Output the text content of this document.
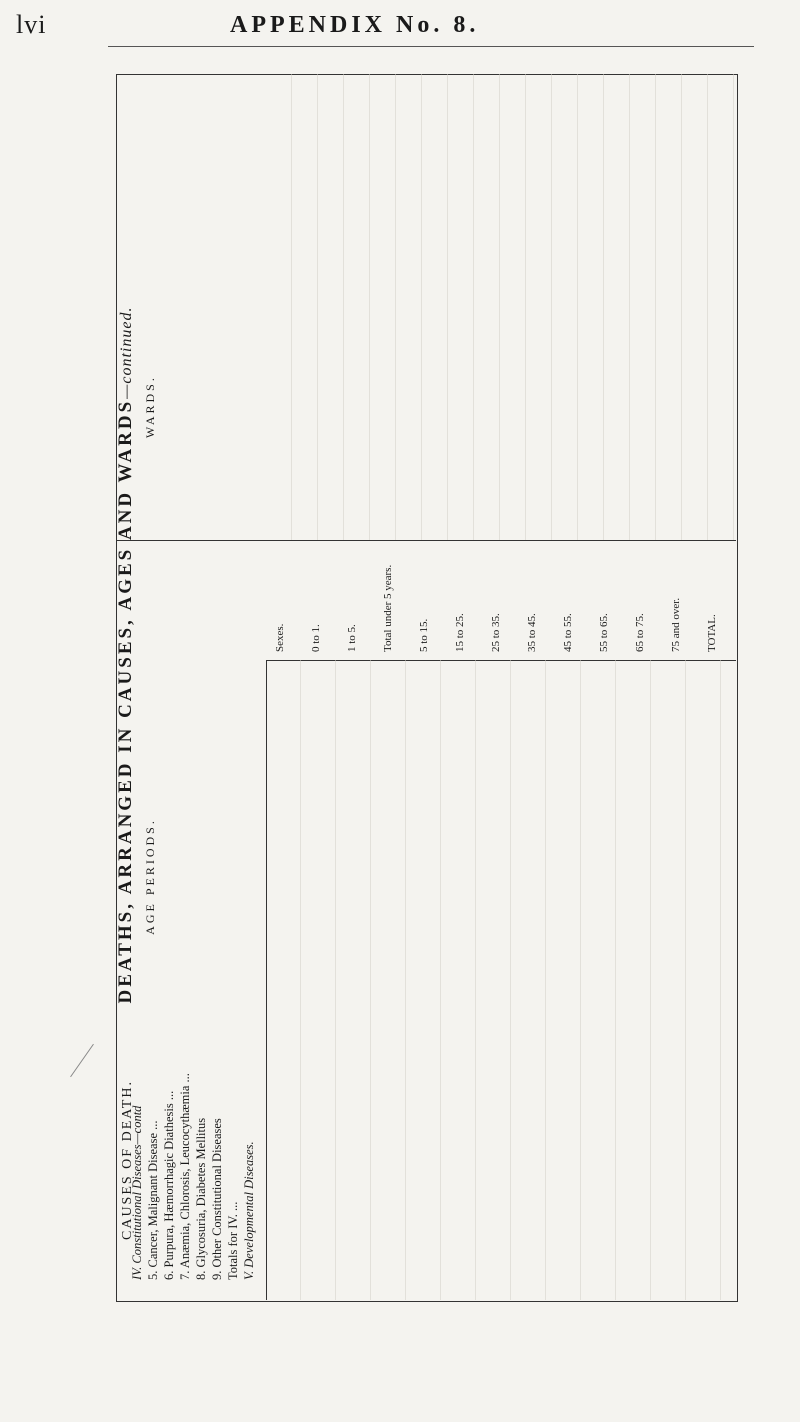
lvi	APPENDIX No. 8.
Sexes. 0 to 1. 1 to 5. Total under 5 years. 5 to 15. 15 to 25. 25 to 35. 35 to 45. 45 to 55. 55 to 65. 65 to 75. 75 and over. TOTAL.
CAUSES OF DEATH.
IV. Constitutional Diseases—contd 5. Cancer, Malignant Disease ... 6. Purpura, Hæmorrhagic Diathesis ... 7. Anæmia, Chlorosis, Leucocythæmia ... 8. Glycosuria, Diabetes Mellitus 9. Other Constitutional Diseases Totals for IV. ... V. Developmental Diseases.
DEATHS, ARRANGED IN CAUSES, AGES AND WARDS—continued.
AGE PERIODS.WARDS.
